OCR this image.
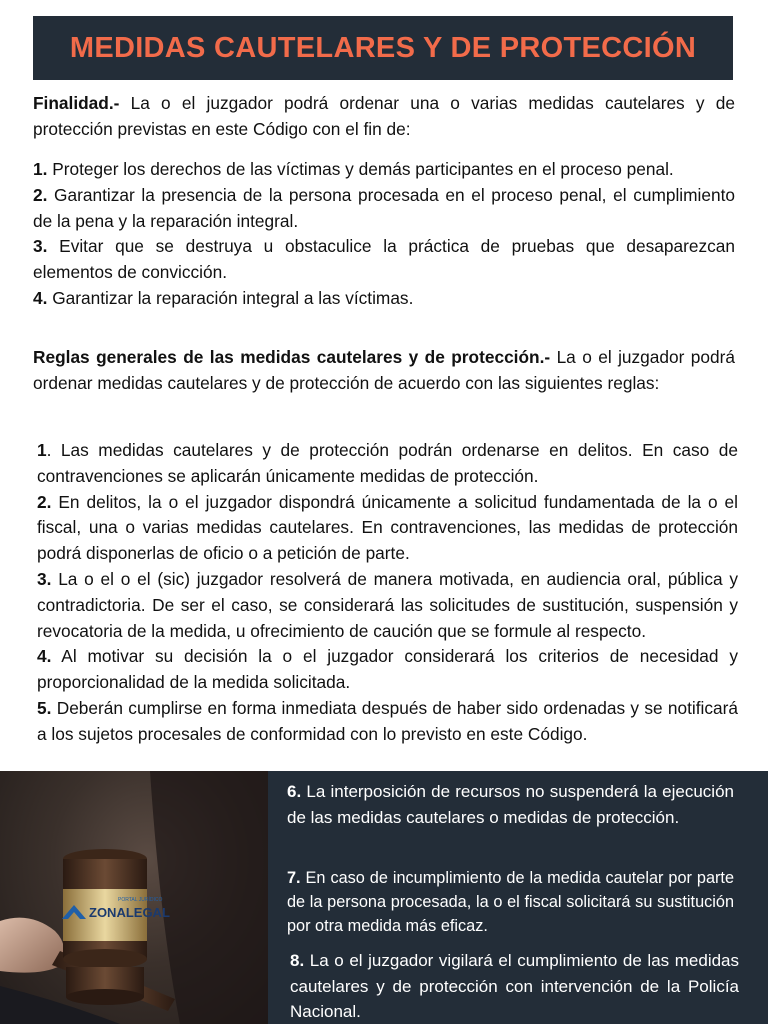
MEDIDAS CAUTELARES Y DE PROTECCIÓN
Finalidad.- La o el juzgador podrá ordenar una o varias medidas cautelares y de protección previstas en este Código con el fin de:
1. Proteger los derechos de las víctimas y demás participantes en el proceso penal.
2. Garantizar la presencia de la persona procesada en el proceso penal, el cumplimiento de la pena y la reparación integral.
3. Evitar que se destruya u obstaculice la práctica de pruebas que desaparezcan elementos de convicción.
4. Garantizar la reparación integral a las víctimas.
Reglas generales de las medidas cautelares y de protección.- La o el juzgador podrá ordenar medidas cautelares y de protección de acuerdo con las siguientes reglas:
1. Las medidas cautelares y de protección podrán ordenarse en delitos. En caso de contravenciones se aplicarán únicamente medidas de protección.
2. En delitos, la o el juzgador dispondrá únicamente a solicitud fundamentada de la o el fiscal, una o varias medidas cautelares. En contravenciones, las medidas de protección podrá disponerlas de oficio o a petición de parte.
3. La o el o el (sic) juzgador resolverá de manera motivada, en audiencia oral, pública y contradictoria. De ser el caso, se considerará las solicitudes de sustitución, suspensión y revocatoria de la medida, u ofrecimiento de caución que se formule al respecto.
4. Al motivar su decisión la o el juzgador considerará los criterios de necesidad y proporcionalidad de la medida solicitada.
5. Deberán cumplirse en forma inmediata después de haber sido ordenadas y se notificará a los sujetos procesales de conformidad con lo previsto en este Código.
PORTAL JURÍDICO
ZONALEGAL
6. La interposición de recursos no suspenderá la ejecución de las medidas cautelares o medidas de protección.
7. En caso de incumplimiento de la medida cautelar por parte de la persona procesada, la o el fiscal solicitará su sustitución por otra medida más eficaz.
8. La o el juzgador vigilará el cumplimiento de las medidas cautelares y de protección con intervención de la Policía Nacional.
